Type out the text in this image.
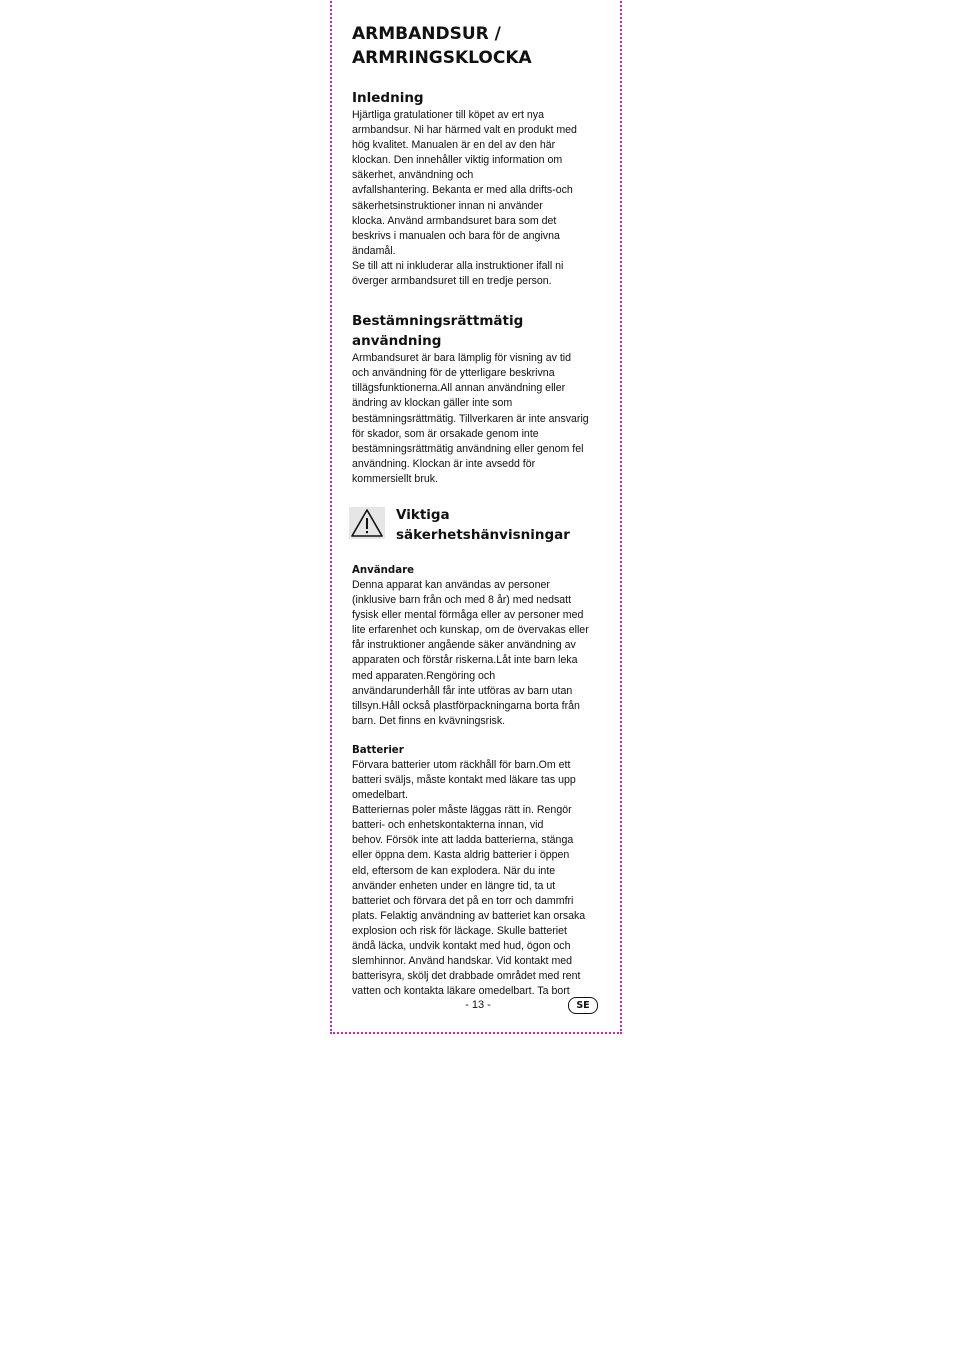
ARMBANDSUR /
ARMRINGSKLOCKA
Inledning

Hjärtliga gratulationer till köpet av ert nya
armbandsur. Ni har härmed valt en produkt med
hög kvalitet. Manualen är en del av den här
klockan. Den innehåller viktig information om
säkerhet, användning och
avfallshantering. Bekanta er med alla drifts-och
säkerhetsinstruktioner innan ni använder
klocka. Använd armbandsuret bara som det
beskrivs i manualen och bara för de angivna
ändamål.
Se till att ni inkluderar alla instruktioner ifall ni
överger armbandsuret till en tredje person.

Bestämningsrättmätig
användning

Armbandsuret är bara lämplig för visning av tid
och användning för de ytterligare beskrivna
tillägsfunktionerna.All annan användning eller
ändring av klockan gäller inte som
bestämningsrättmätig. Tillverkaren är inte ansvarig
för skador, som är orsakade genom inte
bestämningsrättmätig användning eller genom fel
användning. Klockan är inte avsedd för
kommersiellt bruk.

Viktiga
säkerhetshänvisningar
Användare

Denna apparat kan användas av personer
(inklusive barn från och med 8 år) med nedsatt
fysisk eller mental förmåga eller av personer med
lite erfarenhet och kunskap, om de övervakas eller
får instruktioner angående säker användning av
apparaten och förstår riskerna.Låt inte barn leka
med apparaten.Rengöring och
användarunderhåll får inte utföras av barn utan
tillsyn.Håll också plastförpackningarna borta från
barn. Det finns en kvävningsrisk.

Batterier

Förvara batterier utom räckhåll för barn.Om ett
batteri sväljs, måste kontakt med läkare tas upp
omedelbart.
Batteriernas poler måste läggas rätt in. Rengör
batteri- och enhetskontakterna innan, vid
behov. Försök inte att ladda batterierna, stänga
eller öppna dem. Kasta aldrig batterier i öppen
eld, eftersom de kan explodera. När du inte
använder enheten under en längre tid, ta ut
batteriet och förvara det på en torr och dammfri
plats. Felaktig användning av batteriet kan orsaka
explosion och risk för läckage. Skulle batteriet
ändå läcka, undvik kontakt med hud, ögon och
slemhinnor. Använd handskar. Vid kontakt med
batterisyra, skölj det drabbade området med rent
vatten och kontakta läkare omedelbart. Ta bort

- 13 -	SE
